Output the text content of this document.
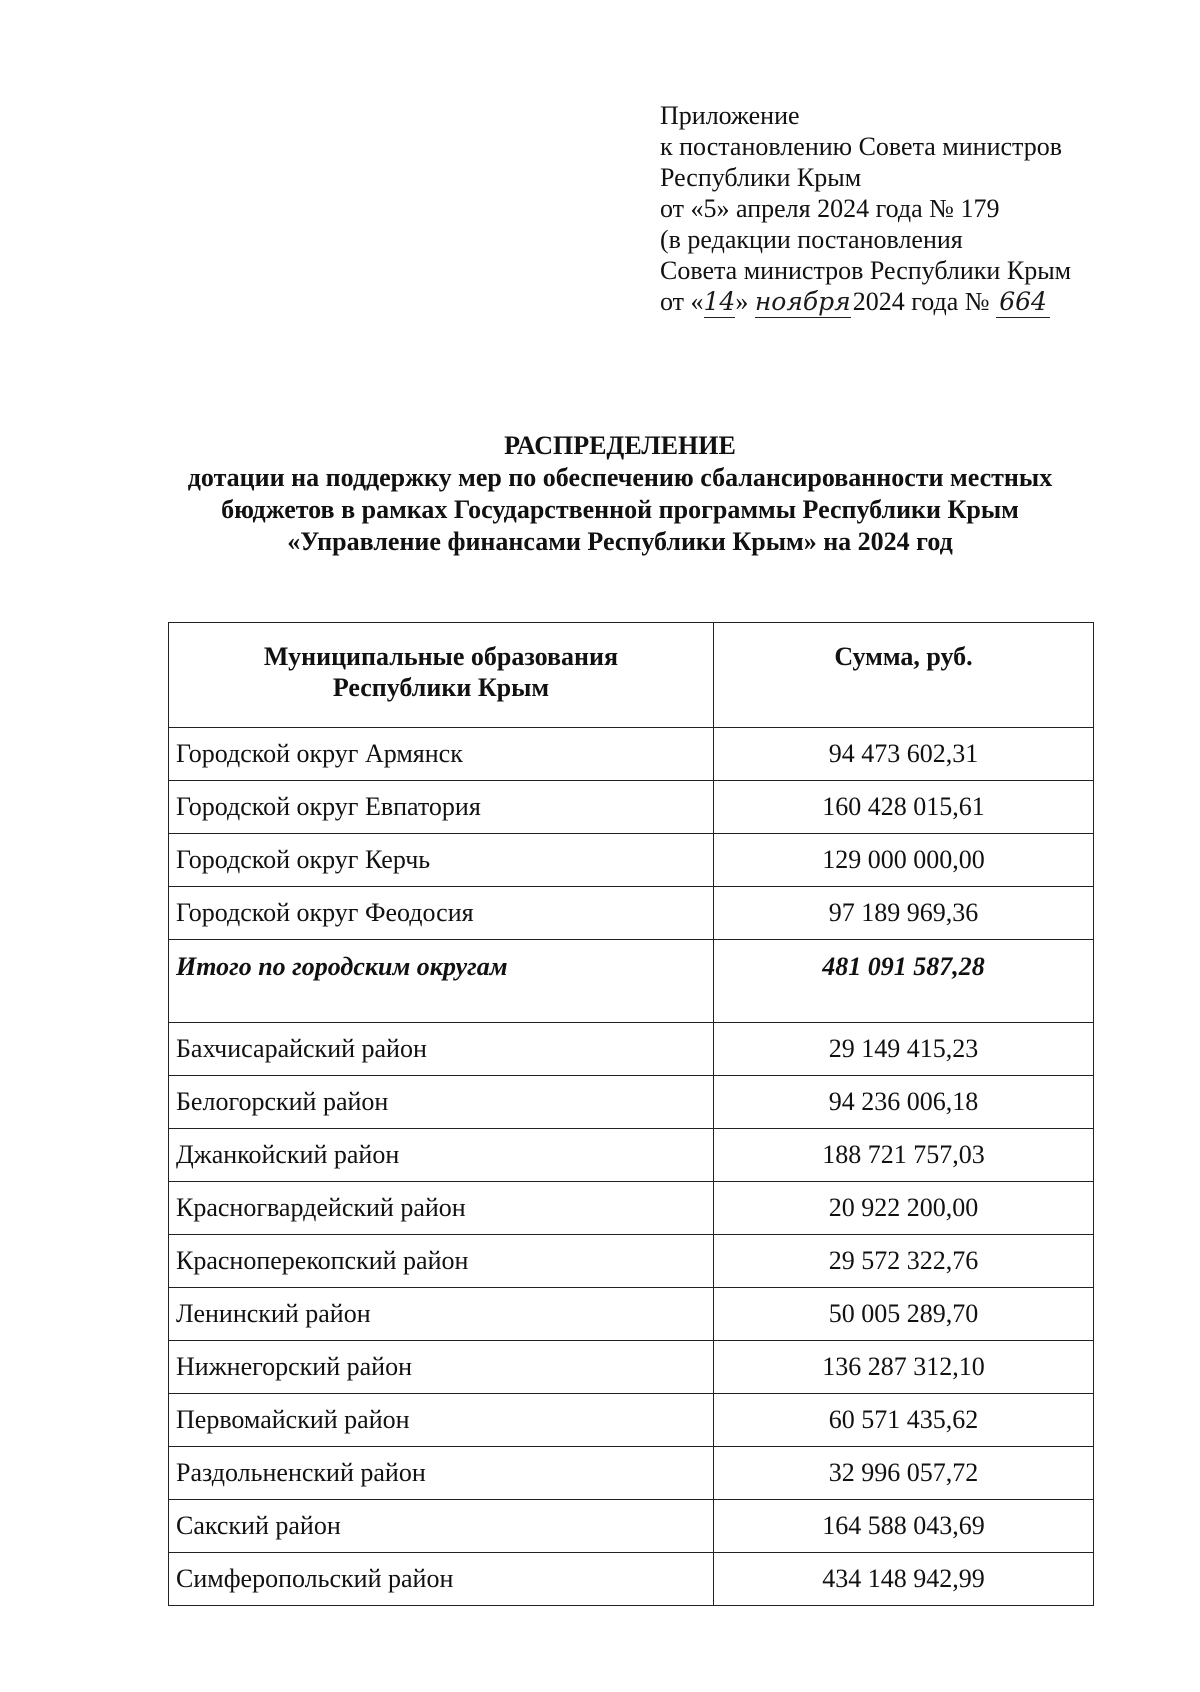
Приложение
к постановлению Совета министров
Республики Крым
от «5» апреля 2024 года № 179
(в редакции постановления
Совета министров Республики Крым
от «14» ноября2024 года № 664
РАСПРЕДЕЛЕНИЕ
дотации на поддержку мер по обеспечению сбалансированности местных
бюджетов в рамках Государственной программы Республики Крым
«Управление финансами Республики Крым» на 2024 год
Муниципальные образования
Республики Крым	Сумма, руб.
Городской округ Армянск	94 473 602,31
Городской округ Евпатория	160 428 015,61
Городской округ Керчь	129 000 000,00
Городской округ Феодосия	97 189 969,36
Итого по городским округам	481 091 587,28
Бахчисарайский район	29 149 415,23
Белогорский район	94 236 006,18
Джанкойский район	188 721 757,03
Красногвардейский район	20 922 200,00
Красноперекопский район	29 572 322,76
Ленинский район	50 005 289,70
Нижнегорский район	136 287 312,10
Первомайский район	60 571 435,62
Раздольненский район	32 996 057,72
Сакский район	164 588 043,69
Симферопольский район	434 148 942,99
